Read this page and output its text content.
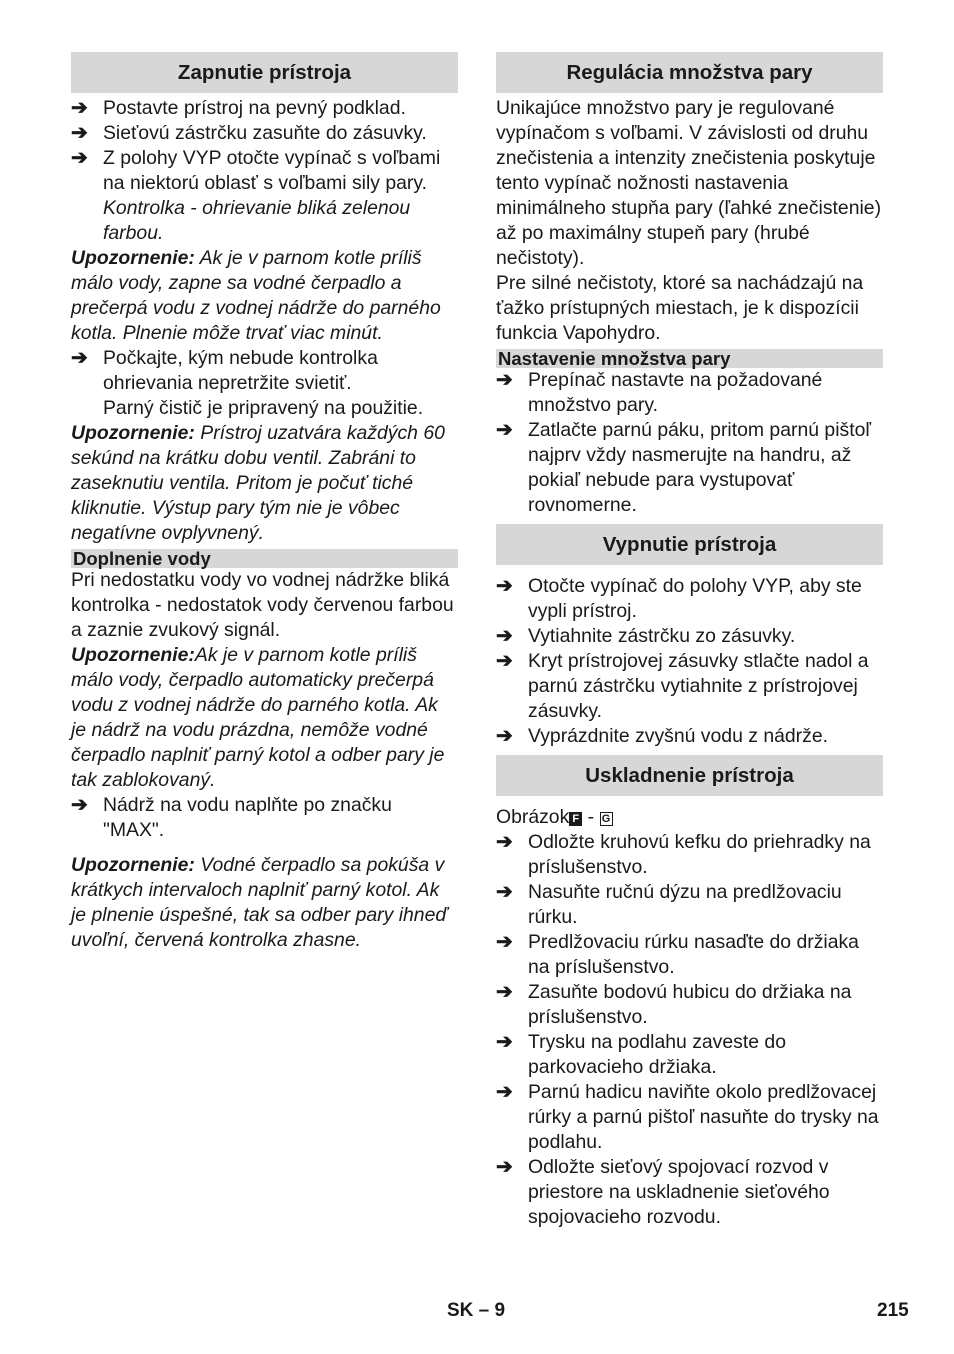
Zapnutie prístroja
➔ Postavte prístroj na pevný podklad.
➔ Sieťovú zástrčku zasuňte do zásuvky.
➔ Z polohy VYP otočte vypínač s voľbami na niektorú oblasť s voľbami sily pary.
Kontrolka - ohrievanie bliká zelenou farbou.
Upozornenie: Ak je v parnom kotle príliš málo vody, zapne sa vodné čerpadlo a prečerpá vodu z vodnej nádrže do parného kotla. Plnenie môže trvať viac minút.
➔ Počkajte, kým nebude kontrolka ohrievania nepretržite svietiť.
Parný čistič je pripravený na použitie.
Upozornenie: Prístroj uzatvára každých 60 sekúnd na krátku dobu ventil. Zabráni to zaseknutiu ventila. Pritom je počuť tiché kliknutie. Výstup pary tým nie je vôbec negatívne ovplyvnený.
Doplnenie vody
Pri nedostatku vody vo vodnej nádržke bliká kontrolka - nedostatok vody červenou farbou a zaznie zvukový signál.
Upozornenie:Ak je v parnom kotle príliš málo vody, čerpadlo automaticky prečerpá vodu z vodnej nádrže do parného kotla. Ak je nádrž na vodu prázdna, nemôže vodné čerpadlo naplniť parný kotol a odber pary je tak zablokovaný.
➔ Nádrž na vodu naplňte po značku "MAX".
Upozornenie: Vodné čerpadlo sa pokúša v krátkych intervaloch naplniť parný kotol. Ak je plnenie úspešné, tak sa odber pary ihneď uvoľní, červená kontrolka zhasne.
Regulácia množstva pary
Unikajúce množstvo pary je regulované vypínačom s voľbami. V závislosti od druhu znečistenia a intenzity znečistenia poskytuje tento vypínač nožnosti nastavenia minimálneho stupňa pary (ľahké znečistenie) až po maximálny stupeň pary (hrubé nečistoty).
Pre silné nečistoty, ktoré sa nachádzajú na ťažko prístupných miestach, je k dispozícii funkcia Vapohydro.
Nastavenie množstva pary
➔ Prepínač nastavte na požadované množstvo pary.
➔ Zatlačte parnú páku, pritom parnú pištoľ najprv vždy nasmerujte na handru, až pokiaľ nebude para vystupovať rovnomerne.
Vypnutie prístroja
➔ Otočte vypínač do polohy VYP, aby ste vypli prístroj.
➔ Vytiahnite zástrčku zo zásuvky.
➔ Kryt prístrojovej zásuvky stlačte nadol a parnú zástrčku vytiahnite z prístrojovej zásuvky.
➔ Vyprázdnite zvyšnú vodu z nádrže.
Uskladnenie prístroja
Obrázok F - G
➔ Odložte kruhovú kefku do priehradky na príslušenstvo.
➔ Nasuňte ručnú dýzu na predlžovaciu rúrku.
➔ Predlžovaciu rúrku nasaďte do držiaka na príslušenstvo.
➔ Zasuňte bodovú hubicu do držiaka na príslušenstvo.
➔ Trysku na podlahu zaveste do parkovacieho držiaka.
➔ Parnú hadicu naviňte okolo predlžovacej rúrky a parnú pištoľ nasuňte do trysky na podlahu.
➔ Odložte sieťový spojovací rozvod v priestore na uskladnenie sieťového spojovacieho rozvodu.
SK – 9	215
